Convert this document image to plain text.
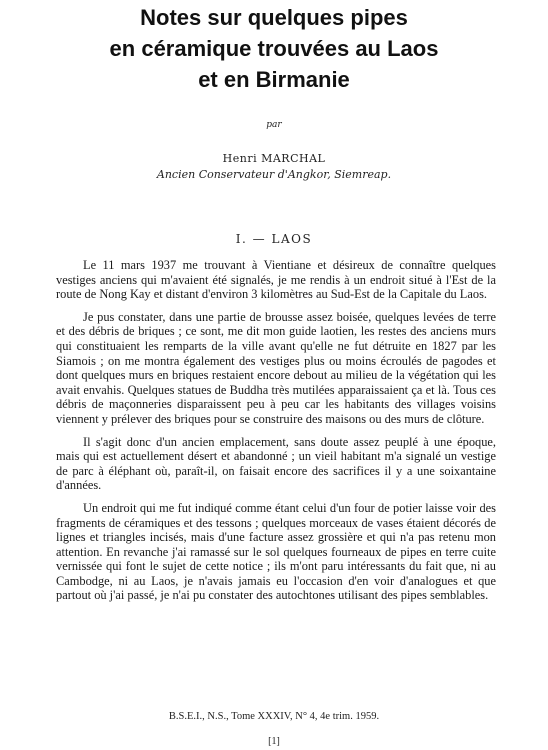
Notes sur quelques pipes
en céramique trouvées au Laos
et en Birmanie
par
Henri MARCHAL
Ancien Conservateur d'Angkor, Siemreap.
I. — LAOS

Le 11 mars 1937 me trouvant à Vientiane et désireux de connaître quelques vestiges anciens qui m'avaient été signalés, je me rendis à un endroit situé à l'Est de la route de Nong Kay et distant d'environ 3 kilomètres au Sud-Est de la Capitale du Laos.

Je pus constater, dans une partie de brousse assez boisée, quelques levées de terre et des débris de briques ; ce sont, me dit mon guide laotien, les restes des anciens murs qui constituaient les remparts de la ville avant qu'elle ne fut détruite en 1827 par les Siamois ; on me montra également des vestiges plus ou moins écroulés de pagodes et dont quelques murs en briques restaient encore debout au milieu de la végétation qui les avait envahis. Quelques statues de Buddha très mutilées apparaissaient ça et là. Tous ces débris de maçonneries disparaissent peu à peu car les habitants des villages voisins viennent y prélever des briques pour se construire des maisons ou des murs de clôture.

Il s'agit donc d'un ancien emplacement, sans doute assez peuplé à une époque, mais qui est actuellement désert et abandonné ; un vieil habitant m'a signalé un vestige de parc à éléphant où, paraît-il, on faisait encore des sacrifices il y a une soixantaine d'années.

Un endroit qui me fut indiqué comme étant celui d'un four de potier laisse voir des fragments de céramiques et des tessons ; quelques morceaux de vases étaient décorés de lignes et triangles incisés, mais d'une facture assez grossière et qui n'a pas retenu mon attention. En revanche j'ai ramassé sur le sol quelques fourneaux de pipes en terre cuite vernissée qui font le sujet de cette notice ; ils m'ont paru intéressants du fait que, ni au Cambodge, ni au Laos, je n'avais jamais eu l'occasion d'en voir d'analogues et que partout où j'ai passé, je n'ai pu constater des autochtones utilisant des pipes semblables.

B.S.E.I., N.S., Tome XXXIV, N° 4, 4e trim. 1959.
[1]
